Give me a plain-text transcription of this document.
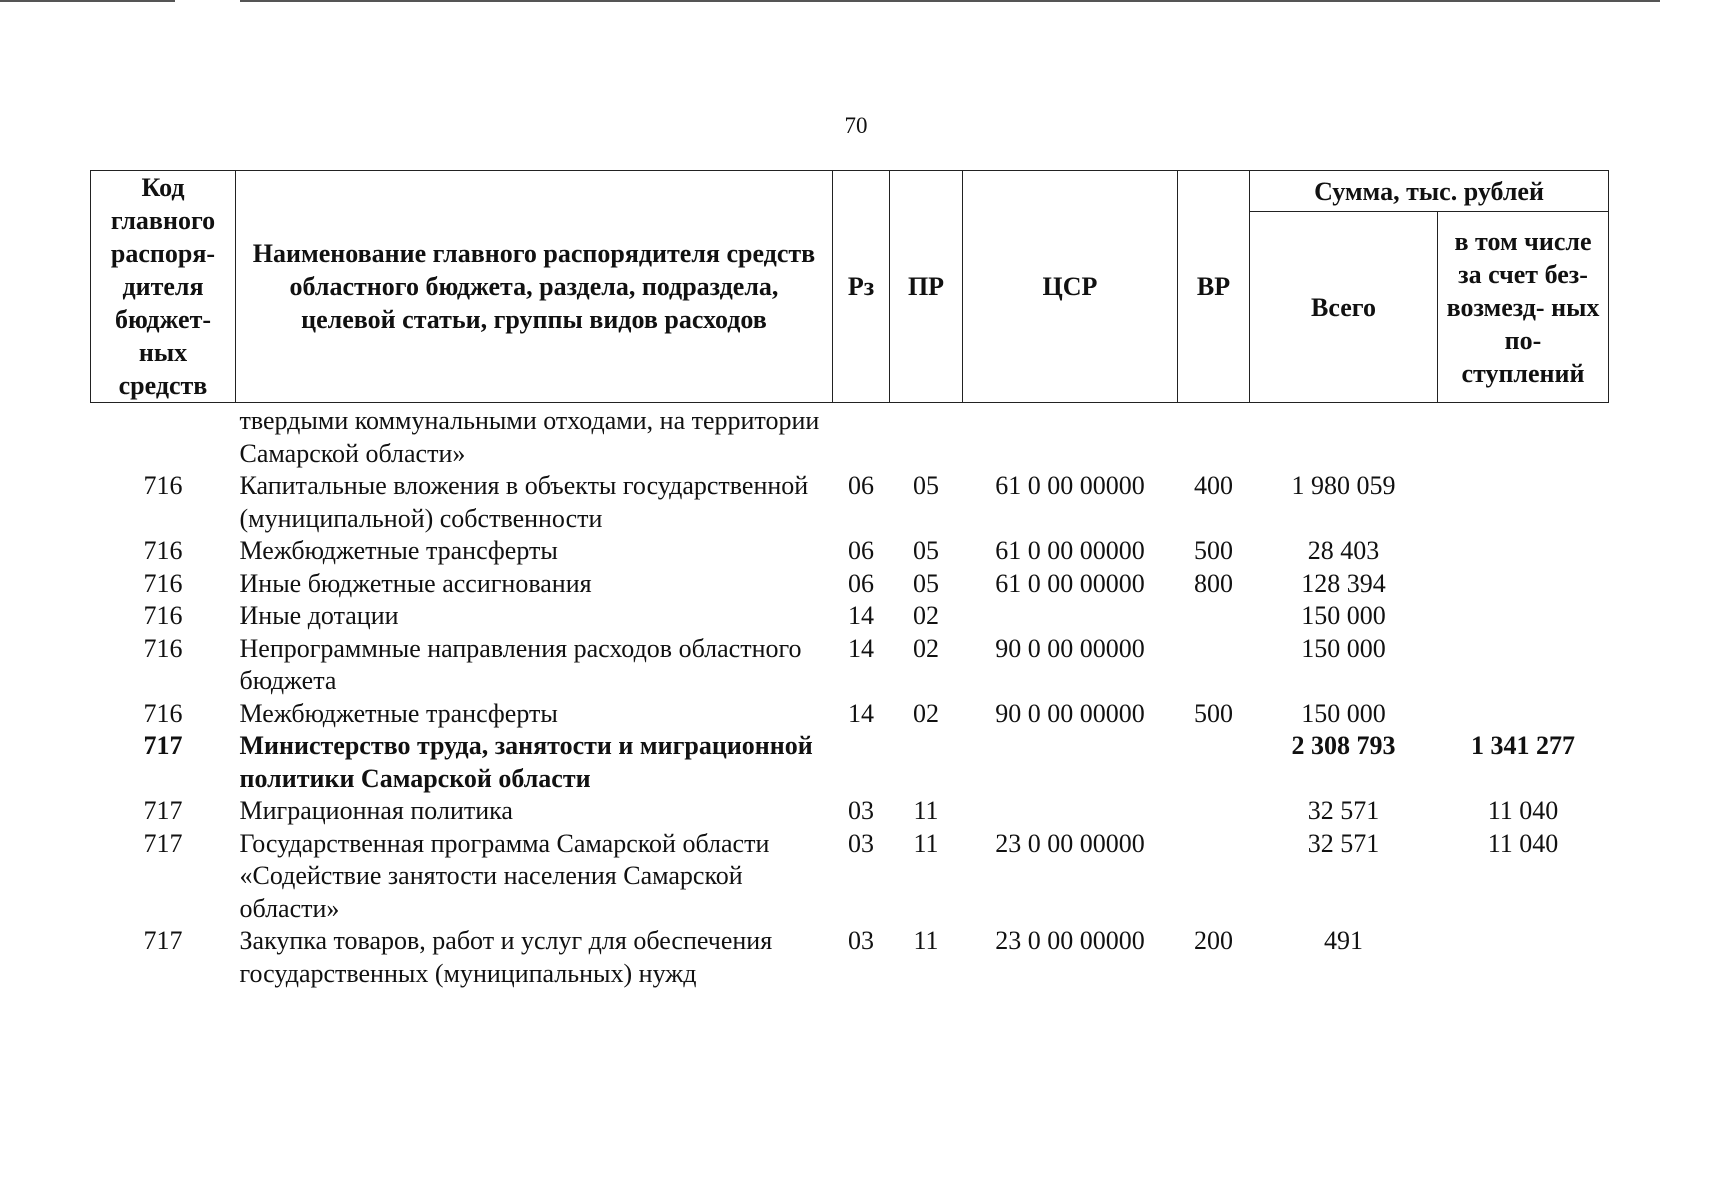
70
Код главного распоря- дителя бюджет- ных средств	Наименование главного распорядителя средств областного бюджета, раздела, подраздела, целевой статьи, группы видов расходов	Рз	ПР	ЦСР	ВР	Сумма, тыс. рублей	
						Всего	в том числе за счет без- возмезд- ных по- ступлений
	твердыми коммунальными отходами, на территории Самарской области»						
716	Капитальные вложения в объекты государственной (муниципальной) собственности	06	05	61 0 00 00000	400	1 980 059	
716	Межбюджетные трансферты	06	05	61 0 00 00000	500	28 403	
716	Иные бюджетные ассигнования	06	05	61 0 00 00000	800	128 394	
716	Иные дотации	14	02			150 000	
716	Непрограммные направления расходов областного бюджета	14	02	90 0 00 00000		150 000	
716	Межбюджетные трансферты	14	02	90 0 00 00000	500	150 000	
717	Министерство труда, занятости и миграционной политики Самарской области					2 308 793	1 341 277
717	Миграционная политика	03	11			32 571	11 040
717	Государственная программа Самарской области «Содействие занятости населения Самарской области»	03	11	23 0 00 00000		32 571	11 040
717	Закупка товаров, работ и услуг для обеспечения государственных (муниципальных) нужд	03	11	23 0 00 00000	200	491	
